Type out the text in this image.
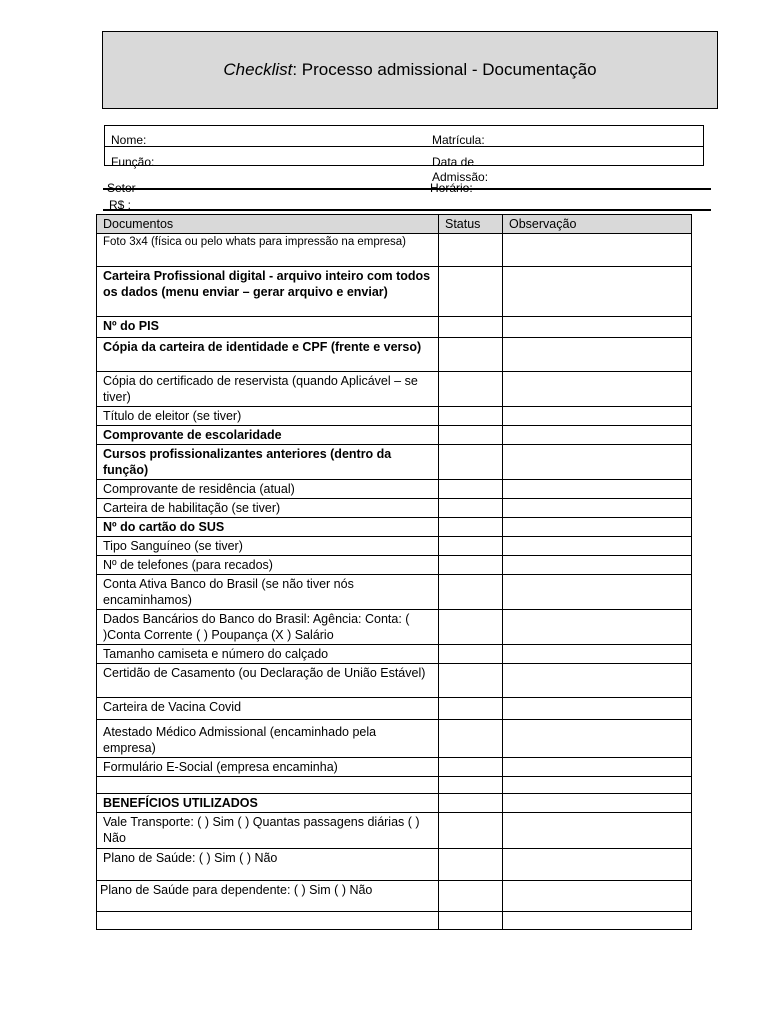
Checklist : Processo admissional - Documentação
Nome:	Matrícula:
Função:	Data de Admissão:
Setor	Horário:
R$ :
Documentos	Status	Observação
Foto 3x4 (física ou pelo whats para impressão na empresa)		
Carteira Profissional digital - arquivo inteiro com todos os dados (menu enviar – gerar arquivo e enviar)		
Nº do PIS		
Cópia da carteira de identidade e CPF (frente e verso)		
Cópia do certificado de reservista (quando Aplicável – se tiver)		
Título de eleitor (se tiver)		
Comprovante de escolaridade		
Cursos profissionalizantes anteriores (dentro da função)		
Comprovante de residência (atual)		
Carteira de habilitação (se tiver)		
Nº do cartão do SUS		
Tipo Sanguíneo (se tiver)		
Nº de telefones (para recados)		
Conta Ativa Banco do Brasil (se não tiver nós encaminhamos)		
Dados Bancários do Banco do Brasil: Agência: Conta: ( )Conta Corrente ( ) Poupança (X ) Salário		
Tamanho camiseta e número do calçado		
Certidão de Casamento (ou Declaração de União Estável)		
Carteira de Vacina Covid		
Atestado Médico Admissional (encaminhado pela empresa)		
Formulário E-Social (empresa encaminha)		

BENEFÍCIOS UTILIZADOS		
Vale Transporte: ( ) Sim ( ) Quantas passagens diárias ( ) Não		
Plano de Saúde: ( ) Sim ( ) Não		
Plano de Saúde para dependente: ( ) Sim ( ) Não		
